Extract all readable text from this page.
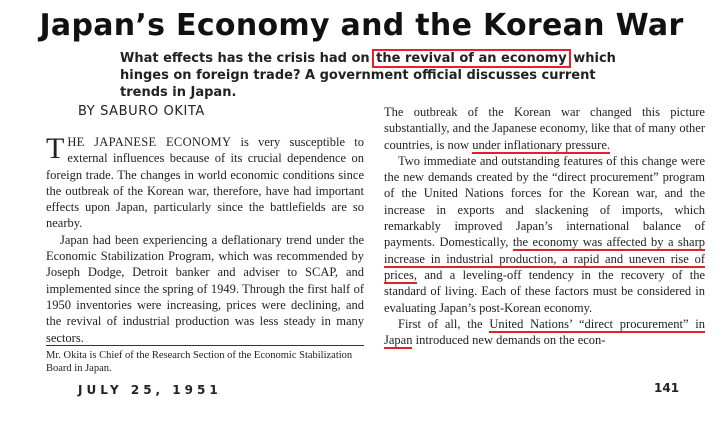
Japan’s Economy and the Korean War
What effects has the crisis had on the revival of an economy which hinges on foreign trade? A government official discusses current trends in Japan.
BY SABURO OKITA

THE JAPANESE ECONOMY is very susceptible to external influences because of its crucial dependence on foreign trade. The changes in world economic conditions since the outbreak of the Korean war, therefore, have had important effects upon Japan, particularly since the battlefields are so nearby.

Japan had been experiencing a deflationary trend under the Economic Stabilization Program, which was recommended by Joseph Dodge, Detroit banker and adviser to SCAP, and implemented since the spring of 1949. Through the first half of 1950 inventories were increasing, prices were declining, and the revival of industrial production was less steady in many sectors.

Mr. Okita is Chief of the Research Section of the Economic Stabilization Board in Japan.

The outbreak of the Korean war changed this picture substantially, and the Japanese economy, like that of many other countries, is now under inflationary pressure.

Two immediate and outstanding features of this change were the new demands created by the “direct procurement” program of the United Nations forces for the Korean war, and the increase in exports and slackening of imports, which remarkably improved Japan’s international balance of payments. Domestically, the economy was affected by a sharp increase in industrial production, a rapid and uneven rise of prices, and a leveling-off tendency in the recovery of the standard of living. Each of these factors must be considered in evaluating Japan’s post-Korean economy.

First of all, the United Nations’ “direct procurement” in Japan introduced new demands on the econ-

JULY 25, 1951	141
